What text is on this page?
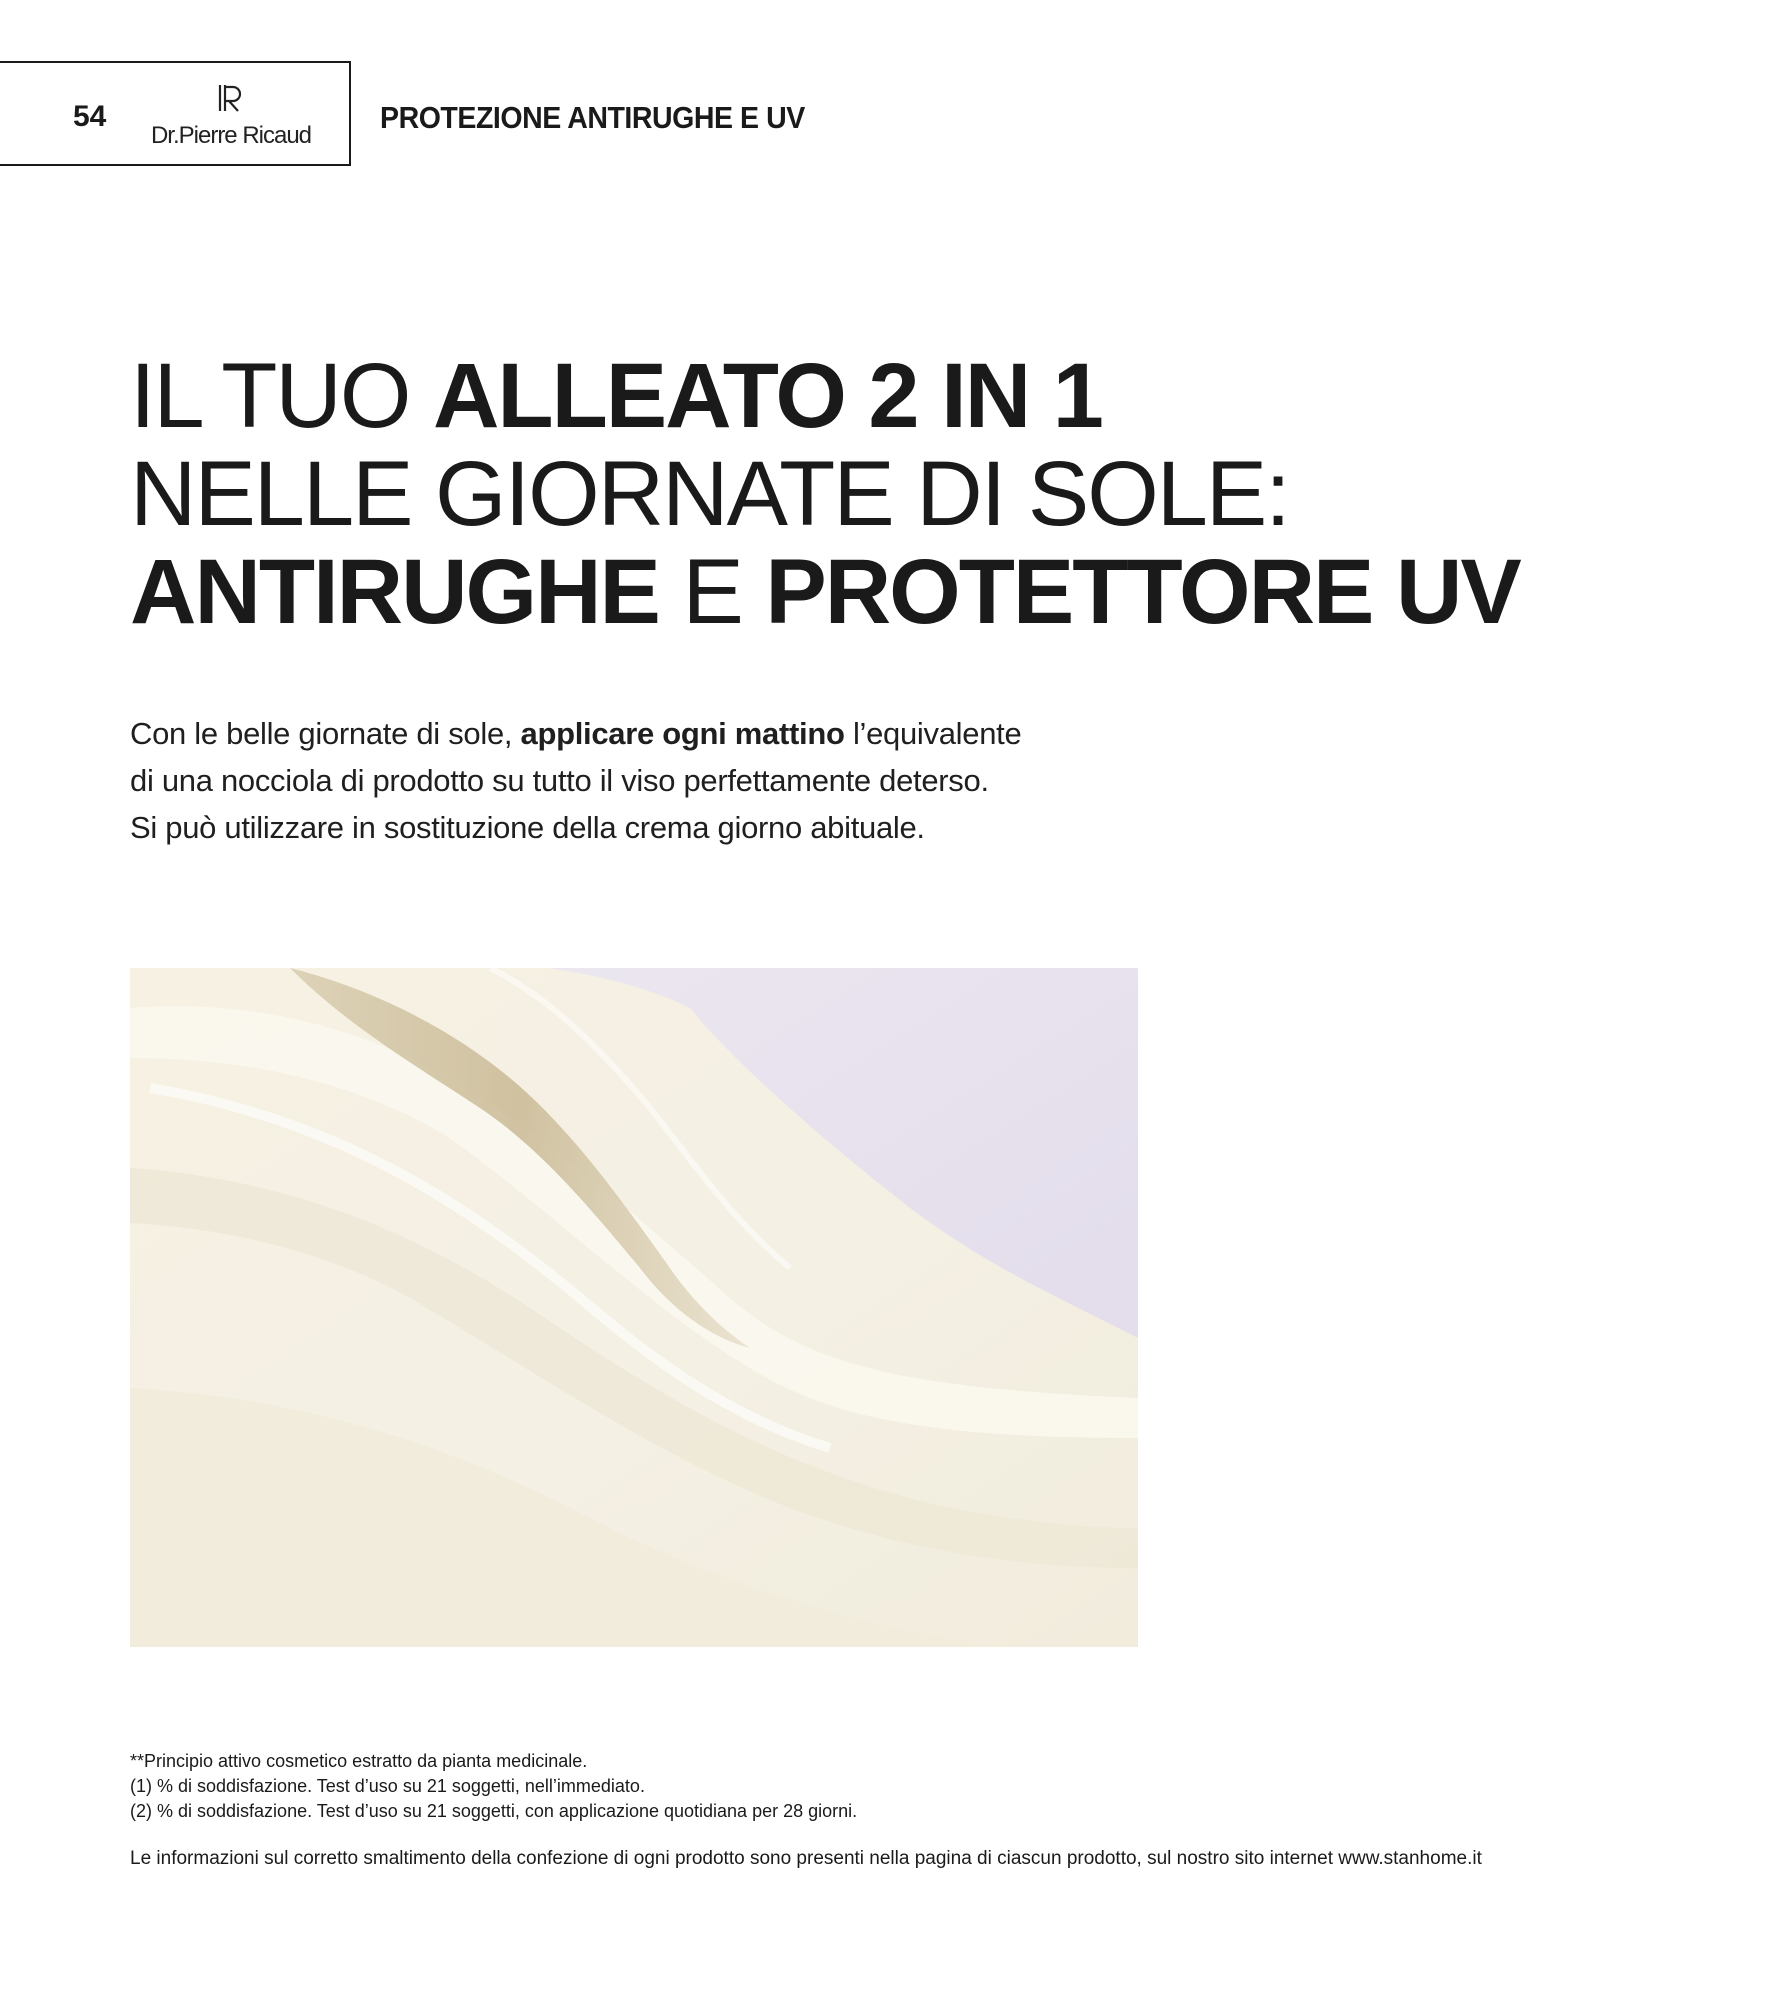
54
Dr.Pierre Ricaud
PROTEZIONE ANTIRUGHE E UV
IL TUO ALLEATO 2 IN 1
NELLE GIORNATE DI SOLE:
ANTIRUGHE E PROTETTORE UV
Con le belle giornate di sole, applicare ogni mattino l’equivalente
di una nocciola di prodotto su tutto il viso perfettamente deterso.
Si può utilizzare in sostituzione della crema giorno abituale.
**Principio attivo cosmetico estratto da pianta medicinale.
(1) % di soddisfazione. Test d’uso su 21 soggetti, nell’immediato.
(2) % di soddisfazione. Test d’uso su 21 soggetti, con applicazione quotidiana per 28 giorni.
Le informazioni sul corretto smaltimento della confezione di ogni prodotto sono presenti nella pagina di ciascun prodotto, sul nostro sito internet www.stanhome.it
